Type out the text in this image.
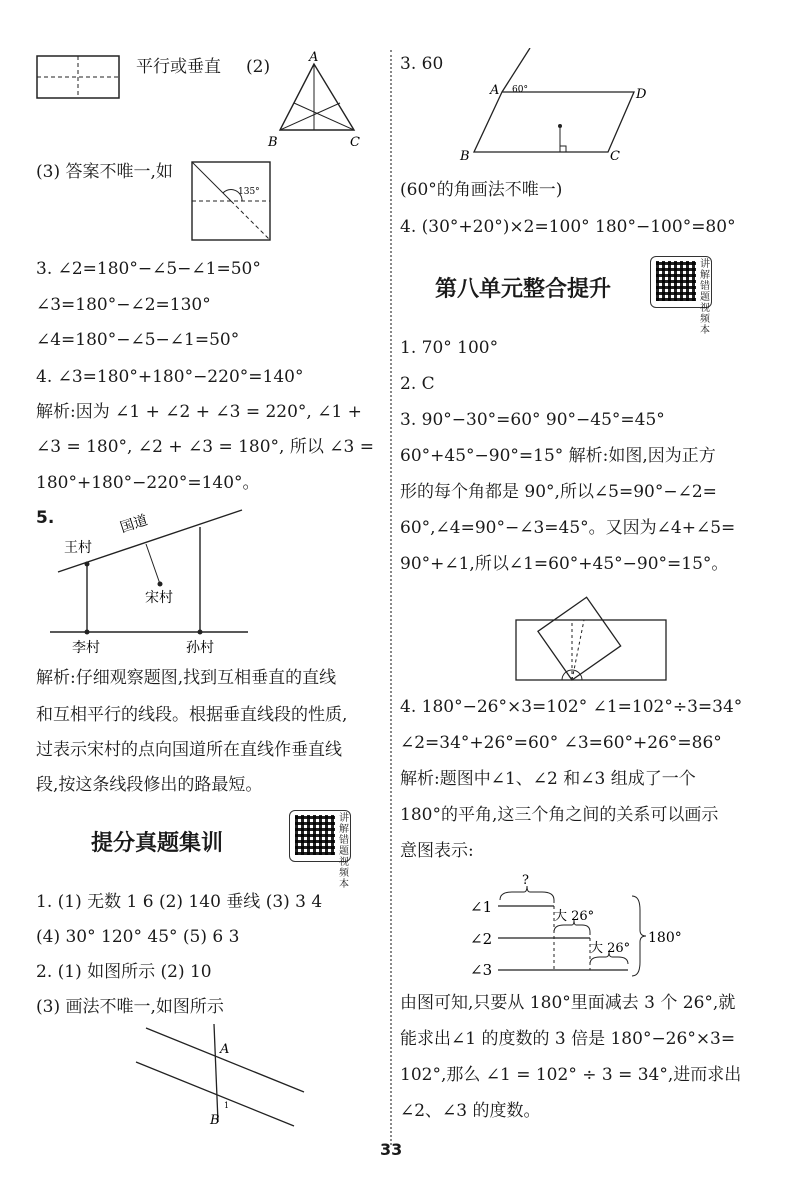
平行或垂直 (2)	A
B	C
(3) 答案不唯一,如
135°
3. ∠2=180°−∠5−∠1=50°
∠3=180°−∠2=130°
∠4=180°−∠5−∠1=50°
4. ∠3=180°+180°−220°=140°
解析:因为 ∠1 + ∠2 + ∠3 = 220°, ∠1 +
∠3 = 180°, ∠2 + ∠3 = 180°, 所以 ∠3 =
180°+180°−220°=140°。
5.	国道
王村
宋村
李村	孙村
解析:仔细观察题图,找到互相垂直的直线
和互相平行的线段。根据垂直线段的性质,
过表示宋村的点向国道所在直线作垂直线
段,按这条线段修出的路最短。
提分真题集训
讲解错题视频本
1. (1) 无数 1 6 (2) 140 垂线 (3) 3 4
(4) 30° 120° 45° (5) 6 3
2. (1) 如图所示 (2) 10
(3) 画法不唯一,如图所示
A
B
1
3. 60
A	D
B	C
60°
(60°的角画法不唯一)
4. (30°+20°)×2=100° 180°−100°=80°
第八单元整合提升
讲解错题视频本
1. 70° 100°
2. C
3. 90°−30°=60° 90°−45°=45°
60°+45°−90°=15° 解析:如图,因为正方
形的每个角都是 90°,所以∠5=90°−∠2=
60°,∠4=90°−∠3=45°。又因为∠4+∠5=
90°+∠1,所以∠1=60°+45°−90°=15°。
4. 180°−26°×3=102° ∠1=102°÷3=34°
∠2=34°+26°=60° ∠3=60°+26°=86°
解析:题图中∠1、∠2 和∠3 组成了一个
180°的平角,这三个角之间的关系可以画示
意图表示:
∠1
∠2
∠3
?
大 26°
大 26°
180°
由图可知,只要从 180°里面减去 3 个 26°,就
能求出∠1 的度数的 3 倍是 180°−26°×3=
102°,那么 ∠1 = 102° ÷ 3 = 34°,进而求出
∠2、∠3 的度数。
33
